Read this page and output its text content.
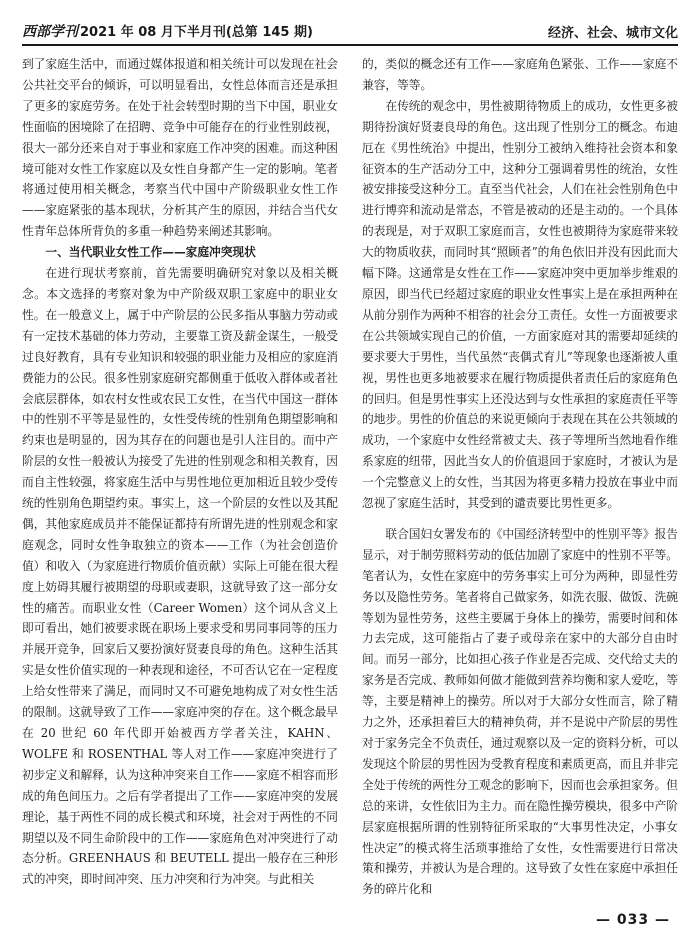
西部学刊 2021 年 08 月下半月刊(总第 145 期)	经济、社会、城市文化

到了家庭生活中，而通过媒体报道和相关统计可以发现在社会公共社交平台的倾诉，可以明显看出，女性总体而言还是承担了更多的家庭劳务。在处于社会转型时期的当下中国，职业女性面临的困境除了在招聘、竞争中可能存在的行业性别歧视，很大一部分还来自对于事业和家庭工作冲突的困难。而这种困境可能对女性工作家庭以及女性自身都产生一定的影响。笔者将通过使用相关概念，考察当代中国中产阶级职业女性工作——家庭紧张的基本现状，分析其产生的原因，并结合当代女性青年总体所背负的多重一种趋势来阐述其影响。

一、当代职业女性工作——家庭冲突现状

在进行现状考察前，首先需要明确研究对象以及相关概念。本文选择的考察对象为中产阶级双职工家庭中的职业女性。在一般意义上，属于中产阶层的公民多指从事脑力劳动或有一定技术基础的体力劳动，主要靠工资及薪金谋生，一般受过良好教育，具有专业知识和较强的职业能力及相应的家庭消费能力的公民。很多性别家庭研究都侧重于低收入群体或者社会底层群体，如农村女性或农民工女性，在当代中国这一群体中的性别不平等是显性的，女性受传统的性别角色期望影响和约束也是明显的，因为其存在的问题也是引人注目的。而中产阶层的女性一般被认为接受了先进的性别观念和相关教育，因而自主性较强，将家庭生活中与男性地位更加相近且较少受传统的性别角色期望约束。事实上，这一个阶层的女性以及其配偶，其他家庭成员并不能保证都持有所谓先进的性别观念和家庭观念，同时女性争取独立的资本——工作（为社会创造价值）和收入（为家庭进行物质价值贡献）实际上可能在很大程度上妨碍其履行被期望的母职或妻职，这就导致了这一部分女性的痛苦。而职业女性（Career Women）这个词从含义上即可看出，她们被要求既在职场上要求受和男同事同等的压力并展开竞争，回家后又要扮演好贤妻良母的角色。这种生活其实是女性价值实现的一种表现和途径，不可否认它在一定程度上给女性带来了满足，而同时又不可避免地构成了对女性生活的限制。这就导致了工作——家庭冲突的存在。这个概念最早在 20 世纪 60 年代即开始被西方学者关注，KAHN、WOLFE 和 ROSENTHAL 等人对工作——家庭冲突进行了初步定义和解释，认为这种冲突来自工作——家庭不相容而形成的角色间压力。之后有学者提出了工作——家庭冲突的发展理论，基于两性不同的成长模式和环境，社会对于两性的不同期望以及不同生命阶段中的工作——家庭角色对冲突进行了动态分析。GREENHAUS 和 BEUTELL 提出一般存在三种形式的冲突，即时间冲突、压力冲突和行为冲突。与此相关

的，类似的概念还有工作——家庭角色紧张、工作——家庭不兼容，等等。

在传统的观念中，男性被期待物质上的成功，女性更多被期待扮演好贤妻良母的角色。这出现了性别分工的概念。布迪厄在《男性统治》中提出，性别分工被纳入维持社会资本和象征资本的生产活动分工中，这种分工强调着男性的统治，女性被安排接受这种分工。直至当代社会，人们在社会性别角色中进行博弈和流动是常态，不管是被动的还是主动的。一个具体的表现是，对于双职工家庭而言，女性也被期待为家庭带来较大的物质收获，而同时其“照顾者”的角色依旧并没有因此而大幅下降。这通常是女性在工作——家庭冲突中更加举步维艰的原因，即当代已经超过家庭的职业女性事实上是在承担两种在从前分别作为两种不相容的社会分工责任。女性一方面被要求在公共领域实现自己的价值，一方面家庭对其的需要却延续的要求要大于男性，当代虽然“丧偶式育儿”等现象也逐渐被人重视，男性也更多地被要求在履行物质提供者责任后的家庭角色的回归。但是男性事实上还没达到与女性承担的家庭责任平等的地步。男性的价值总的来说更倾向于表现在其在公共领域的成功，一个家庭中女性经常被丈夫、孩子等埋所当然地看作维系家庭的纽带，因此当女人的价值退回于家庭时，才被认为是一个完整意义上的女性，当其因为将更多精力投放在事业中而忽视了家庭生活时，其受到的谴责要比男性更多。

联合国妇女署发布的《中国经济转型中的性别平等》报告显示，对于制劳照料劳动的低估加剧了家庭中的性别不平等。笔者认为，女性在家庭中的劳务事实上可分为两种，即显性劳务以及隐性劳务。笔者将自己做家务，如洗衣服、做饭、洗碗等划为显性劳务，这些主要属于身体上的操劳，需要时间和体力去完成，这可能指占了妻子或母亲在家中的大部分自由时间。而另一部分，比如担心孩子作业是否完成、交代给丈夫的家务是否完成、教师如何做才能做到营养均衡和家人爱吃，等等，主要是精神上的操劳。所以对于大部分女性而言，除了精力之外，还承担着巨大的精神负荷，并不是说中产阶层的男性对于家务完全不负责任，通过观察以及一定的资料分析，可以发现这个阶层的男性因为受教育程度和素质更高，而且并非完全处于传统的两性分工观念的影响下，因而也会承担家务。但总的来讲，女性依旧为主力。而在隐性操劳模块，很多中产阶层家庭根据所谓的性别特征所采取的“大事男性决定，小事女性决定”的模式将生活琐事推给了女性，女性需要进行日常决策和操劳，并被认为是合理的。这导致了女性在家庭中承担任务的碎片化和

— 033 —
